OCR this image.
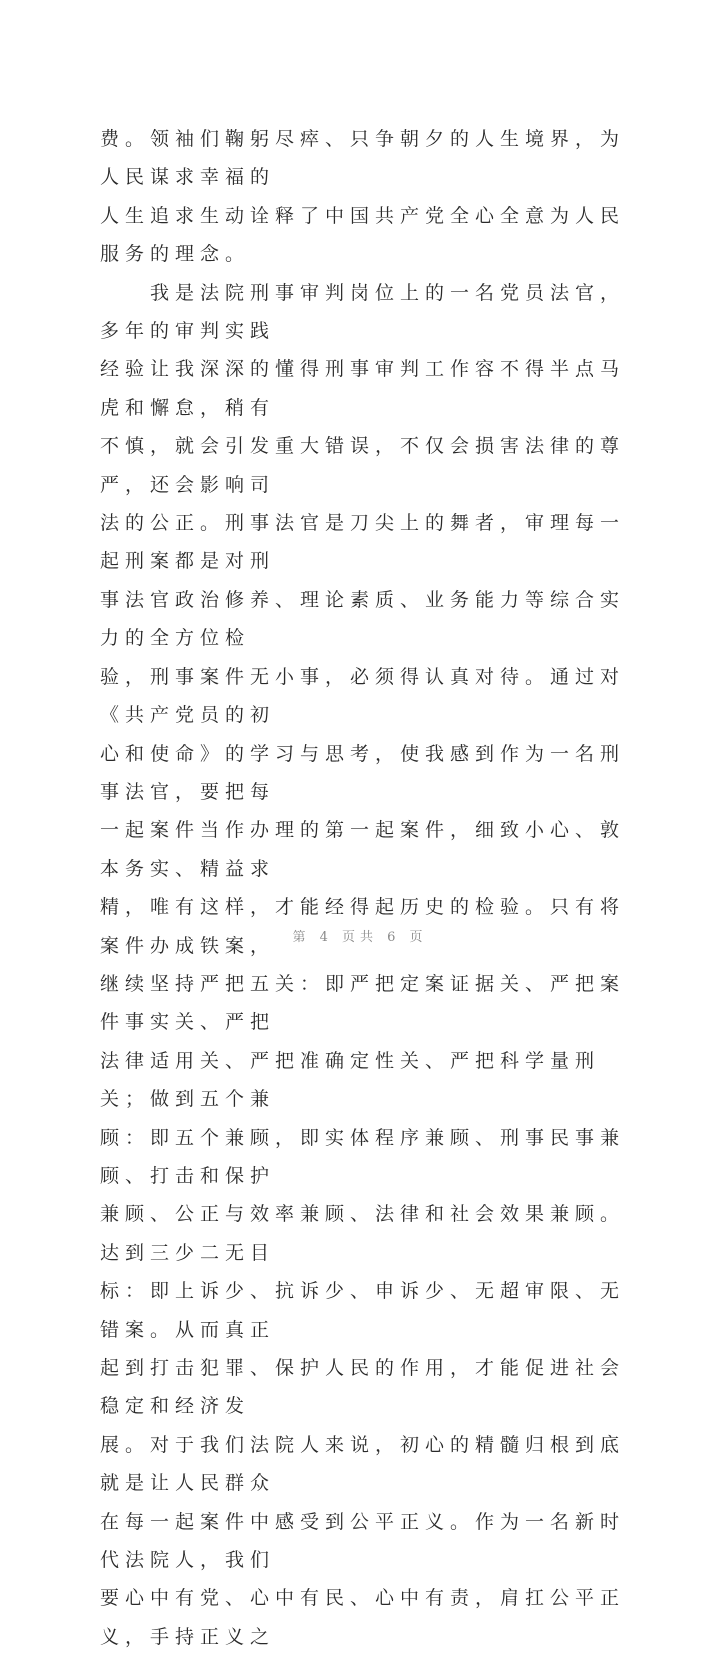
费。领袖们鞠躬尽瘁、只争朝夕的人生境界，为人民谋求幸福的
人生追求生动诠释了中国共产党全心全意为人民服务的理念。
　　我是法院刑事审判岗位上的一名党员法官，多年的审判实践
经验让我深深的懂得刑事审判工作容不得半点马虎和懈怠，稍有
不慎，就会引发重大错误，不仅会损害法律的尊严，还会影响司
法的公正。刑事法官是刀尖上的舞者，审理每一起刑案都是对刑
事法官政治修养、理论素质、业务能力等综合实力的全方位检
验，刑事案件无小事，必须得认真对待。通过对《共产党员的初
心和使命》的学习与思考，使我感到作为一名刑事法官，要把每
一起案件当作办理的第一起案件，细致小心、敦本务实、精益求
精，唯有这样，才能经得起历史的检验。只有将案件办成铁案，
继续坚持严把五关：即严把定案证据关、严把案件事实关、严把
法律适用关、严把准确定性关、严把科学量刑关；做到五个兼
顾：即五个兼顾，即实体程序兼顾、刑事民事兼顾、打击和保护
兼顾、公正与效率兼顾、法律和社会效果兼顾。达到三少二无目
标：即上诉少、抗诉少、申诉少、无超审限、无错案。从而真正
起到打击犯罪、保护人民的作用，才能促进社会稳定和经济发
展。对于我们法院人来说，初心的精髓归根到底就是让人民群众
在每一起案件中感受到公平正义。作为一名新时代法院人，我们
要心中有党、心中有民、心中有责，肩扛公平正义，手持正义之
第 4 页共 6 页
